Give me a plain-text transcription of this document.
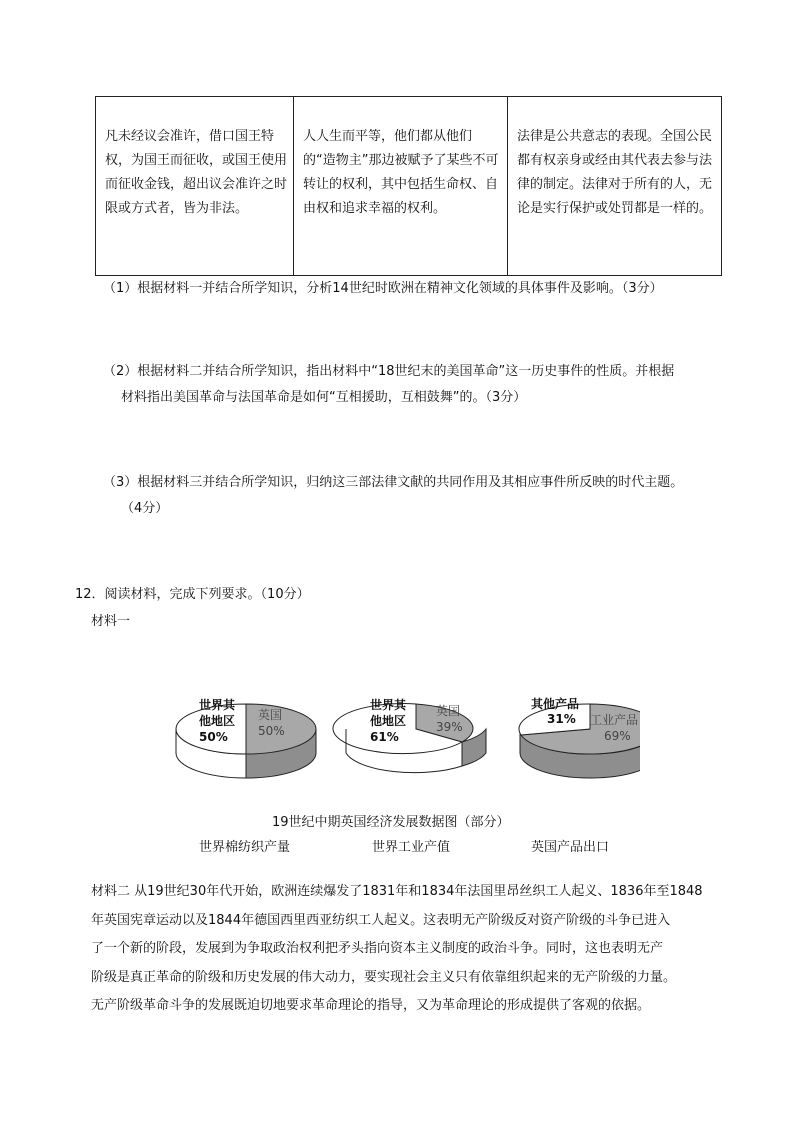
凡未经议会准许，借口国王特权，为国王而征收，或国王使用而征收金钱，超出议会准许之时限或方式者，皆为非法。
人人生而平等，他们都从他们的“造物主”那边被赋予了某些不可转让的权利，其中包括生命权、自由权和追求幸福的权利。
法律是公共意志的表现。全国公民都有权亲身或经由其代表去参与法律的制定。法律对于所有的人，无论是实行保护或处罚都是一样的。
（1）根据材料一并结合所学知识，分析14世纪时欧洲在精神文化领域的具体事件及影响。（3分）
（2）根据材料二并结合所学知识，指出材料中“18世纪末的美国革命”这一历史事件的性质。并根据
材料指出美国革命与法国革命是如何“互相援助，互相鼓舞”的。（3分）
（3）根据材料三并结合所学知识，归纳这三部法律文献的共同作用及其相应事件所反映的时代主题。
（4分）
12．阅读材料，完成下列要求。（10分）
材料一
世界其
他地区
50%
英国
50%
世界其
他地区
61%
英国
39%
其他产品
31% 工业产品
69%
19世纪中期英国经济发展数据图（部分）
世界棉纺织产量	世界工业产值	英国产品出口
材料二 从19世纪30年代开始，欧洲连续爆发了1831年和1834年法国里昂丝织工人起义、1836年至1848
年英国宪章运动以及1844年德国西里西亚纺织工人起义。这表明无产阶级反对资产阶级的斗争已进入
了一个新的阶段，发展到为争取政治权利把矛头指向资本主义制度的政治斗争。同时，这也表明无产
阶级是真正革命的阶级和历史发展的伟大动力，要实现社会主义只有依靠组织起来的无产阶级的力量。
无产阶级革命斗争的发展既迫切地要求革命理论的指导，又为革命理论的形成提供了客观的依据。
